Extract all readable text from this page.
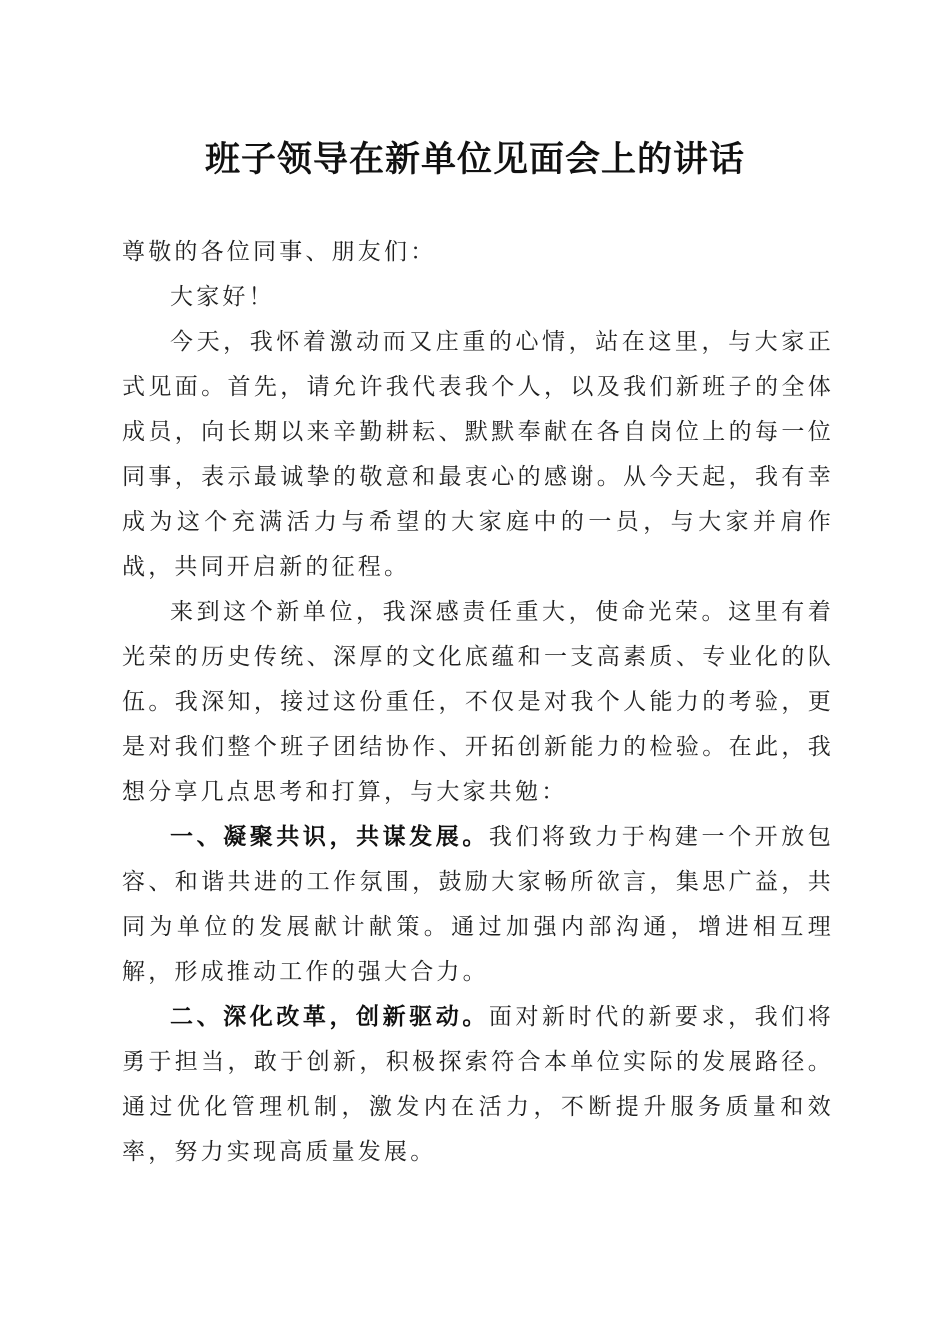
班子领导在新单位见面会上的讲话

尊敬的各位同事、朋友们：

大家好！

今天，我怀着激动而又庄重的心情，站在这里，与大家正式见面。首先，请允许我代表我个人，以及我们新班子的全体成员，向长期以来辛勤耕耘、默默奉献在各自岗位上的每一位同事，表示最诚挚的敬意和最衷心的感谢。从今天起，我有幸成为这个充满活力与希望的大家庭中的一员，与大家并肩作战，共同开启新的征程。

来到这个新单位，我深感责任重大，使命光荣。这里有着光荣的历史传统、深厚的文化底蕴和一支高素质、专业化的队伍。我深知，接过这份重任，不仅是对我个人能力的考验，更是对我们整个班子团结协作、开拓创新能力的检验。在此，我想分享几点思考和打算，与大家共勉：

一、凝聚共识，共谋发展。我们将致力于构建一个开放包容、和谐共进的工作氛围，鼓励大家畅所欲言，集思广益，共同为单位的发展献计献策。通过加强内部沟通，增进相互理解，形成推动工作的强大合力。

二、深化改革，创新驱动。面对新时代的新要求，我们将勇于担当，敢于创新，积极探索符合本单位实际的发展路径。通过优化管理机制，激发内在活力，不断提升服务质量和效率，努力实现高质量发展。
